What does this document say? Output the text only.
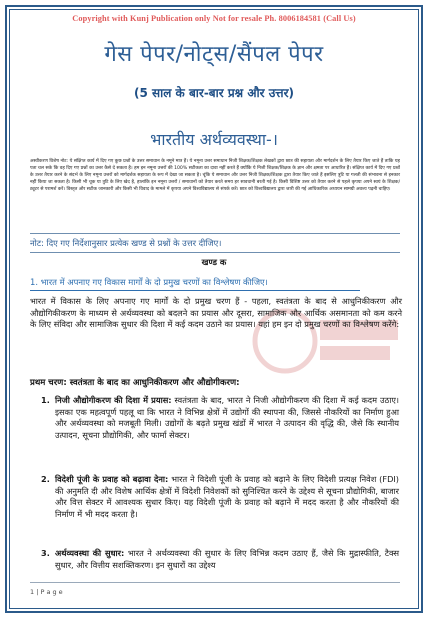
Copyright with Kunj Publication only Not for resale Ph. 8006184581 (Call Us)
गेस पेपर/नोट्स/सैंपल पेपर
(5 साल के बार-बार प्रश्न और उत्तर)
भारतीय अर्थव्यवस्था-।
अस्वीकरण विशेष नोट: ये संक्षिप्त कार्य में दिए गए कुछ प्रश्नों के उत्तर समाधान के नमूने मात्र हैं। ये नमूना उत्तर समाधान निजी शिक्षक/शिक्षक लेखकों द्वारा छात्र की सहायता और मार्गदर्शन के लिए तैयार किए जाते हैं ताकि यह पता चल सके कि वह दिए गए प्रश्नों का उत्तर कैसे दे सकता है। हम इन नमूना उत्तरों की 100% सटीकता का दावा नहीं करते हैं क्योंकि ये निजी शिक्षक/शिक्षक के ज्ञान और क्षमता पर आधारित हैं। संक्षिप्त कार्य में दिए गए प्रश्नों के उत्तर तैयार करने के संदर्भ के लिए नमूना उत्तरों को मार्गदर्शक सहायता के रूप में देखा जा सकता है। चूंकि ये समाधान और उत्तर निजी शिक्षक/शिक्षक द्वारा तैयार किए जाते हैं इसलिए त्रुटि या गलती की संभावना से इनकार नहीं किया जा सकता है। किसी भी चूक या त्रुटि के लिए खेद है, हालांकि इन नमूना उत्तरों / समाधानों को तैयार करते समय हर सावधानी बरती गई है। किसी विशिष्ट उत्तर को तैयार करने से पहले कृपया अपने स्वयं के शिक्षक/ट्यूटर से परामर्श करें। विस्तृत और सटीक जानकारी और किसी भी विवाद के मामले में कृपया अपने विश्वविद्यालय से संपर्क करें। छात्र को विश्वविद्यालय द्वारा जारी की गई आधिकारिक अध्ययन सामग्री अवश्य पढ़नी चाहिए।
नोट: दिए गए निर्देशानुसार प्रत्येक खण्ड से प्रश्नों के उत्तर दीजिए।
खण्ड क
1. भारत में अपनाए गए विकास मार्गों के दो प्रमुख चरणों का विश्लेषण कीजिए।
भारत में विकास के लिए अपनाए गए मार्गों के दो प्रमुख चरण हैं - पहला, स्वतंत्रता के बाद से आधुनिकीकरण और औद्योगिकीकरण के माध्यम से अर्थव्यवस्था को बदलने का प्रयास और दूसरा, सामाजिक और आर्थिक असमानता को कम करने के लिए संविदा और सामाजिक सुधार की दिशा में कई कदम उठाने का प्रयास। यहां हम इन दो प्रमुख चरणों का विश्लेषण करेंगे:
प्रथम चरण: स्वतंत्रता के बाद का आधुनिकीकरण और औद्योगीकरण:
1. निजी औद्योगीकरण की दिशा में प्रयास: स्वतंत्रता के बाद, भारत ने निजी औद्योगीकरण की दिशा में कई कदम उठाए। इसका एक महत्वपूर्ण पहलू था कि भारत ने विभिन्न क्षेत्रों में उद्योगों की स्थापना की, जिससे नौकरियों का निर्माण हुआ और अर्थव्यवस्था को मजबूती मिली। उद्योगों के बढ़ते प्रमुख खंडों में भारत ने उत्पादन की वृद्धि की, जैसे कि स्थानीय उत्पादन, सूचना प्रौद्योगिकी, और फार्मा सेक्टर।
2. विदेशी पूंजी के प्रवाह को बढ़ावा देना: भारत ने विदेशी पूंजी के प्रवाह को बढ़ाने के लिए विदेशी प्रत्यक्ष निवेश (FDI) की अनुमति दी और विशेष आर्थिक क्षेत्रों में विदेशी निवेशकों को सुनिश्चित करने के उद्देश्य से सूचना प्रौद्योगिकी, बाजार और वित्त सेक्टर में आवश्यक सुधार किए। यह विदेशी पूंजी के प्रवाह को बढ़ाने में मदद करता है और नौकरियों की निर्माण में भी मदद करता है।
3. अर्थव्यवस्था की सुधार: भारत ने अर्थव्यवस्था की सुधार के लिए विभिन्न कदम उठाए हैं, जैसे कि मुद्रास्फीति, टैक्स सुधार, और वित्तीय सशक्तिकरण। इन सुधारों का उद्देश्य
1 | P a g e
